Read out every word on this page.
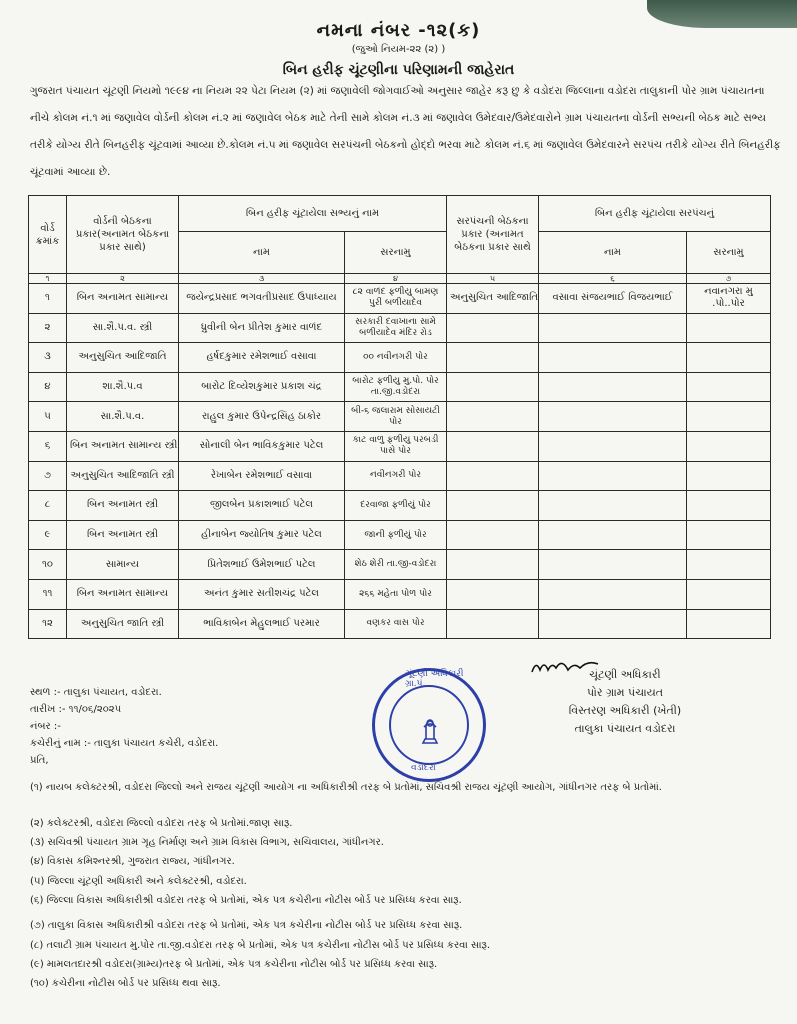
નમના નંબર -૧૨(ક)
(જુઓ નિયમ-૨૨ (૨) )
બિન હરીફ ચૂંટણીના પરિણામની જાહેરાત
ગુજરાત પંચાયત ચૂંટણી નિયમો ૧૯૯૪ ના નિયમ ૨૨ પેટા નિયમ (૨) માં જણાવેલી જોગવાઈઓ અનુસાર જાહેર કરૂ છુ કે વડોદરા જિલ્લાના વડોદરા તાલુકાની પોર ગ્રામ પંચાયતના
નીચે કોલમ નં.૧ માં જણાવેલ વોર્ડની કોલમ નં.૨ માં જણાવેલ બેઠક માટે તેની સામે કોલમ નં.૩ માં જણાવેલ ઉમેદવાર/ઉમેદવારોને ગ્રામ પંચાયતના વોર્ડની સભ્યની બેઠક માટે સભ્ય
તરીકે યોગ્ય રીતે બિનહરીફ ચૂંટવામાં આવ્યા છે.કોલમ નં.૫ માં જણાવેલ સરપંચની બેઠકનો હોદ્દો ભરવા માટે કોલમ નં.૬ માં જણાવેલ ઉમેદવારને સરપંચ તરીકે યોગ્ય રીતે બિનહરીફ
ચૂંટવામાં આવ્યા છે.
વોર્ડ ક્રમાંક	વોર્ડની બેઠકના પ્રકાર(અનામત બેઠકના પ્રકાર સાથે)	બિન હરીફ ચૂંટાયેલા સભ્યનું નામ		સરપંચની બેઠકના પ્રકાર (અનામત બેઠકના પ્રકાર સાથે	બિન હરીફ ચૂંટાયેલા સરપંચનું	
		નામ	સરનામુ		નામ	સરનામુ
૧	૨	૩	૪	૫	૬	૭
૧	બિન અનામત સામાન્ય	જયેન્દ્રપ્રસાદ ભગવતીપ્રસાદ ઉપાધ્યાય	૮૨ વાળંદ ફળીયુ બામણ પુરી બળીયાદેવ	અનુસુચિત આદિજાતિ	વસાવા સંજયભાઈ વિજયભાઈ	નવાનગરા મુ .પો..પોર
૨	સા.શૈ.પ.વ. સ્ત્રી	ધ્રુવીની બેન પ્રીતેશ કુમાર વાળંદ	સરકારી દવાખાના સામે બળીયાદેવ મંદિર રોડ			
૩	અનુસુચિત આદિજાતિ	હર્ષદકુમાર રમેશભાઈ વસાવા	૦૦ નવીનગરી પોર			
૪	શા.શૈ.પ.વ	બારોટ દિવ્યેશકુમાર પ્રકાશ ચંદ્ર	બારોટ ફળીયુ મુ.પો. પોર તા.જી.વડોદરા			
૫	સા.શૈ.પ.વ.	રાહુલ કુમાર ઉપેન્દ્રસિંહ ઠાકોર	બી-૬ જલારામ સોસાયટી પોર			
૬	બિન અનામત સામાન્ય સ્ત્રી	સોનાલી બેન ભાવિકકુમાર પટેલ	કાટ વાળુ ફળીયુ પરબડી પાસે પોર			
૭	અનુસુચિત આદિજાતિ સ્ત્રી	રેખાબેન રમેશભાઈ વસાવા	નવીનગરી પોર			
૮	બિન અનામત સ્ત્રી	જીલબેન પ્રકાશભાઈ પટેલ	દરવાજા ફળીયું પોર			
૯	બિન અનામત સ્ત્રી	હીનાબેન જ્યોતિષ કુમાર પટેલ	જાની ફળીયું પોર			
૧૦	સામાન્ય	પ્રિતેશભાઈ ઉમેશભાઈ પટેલ	શેઠ શેરી તા.જી-વડોદરા			
૧૧	બિન અનામત સામાન્ય	અનંત કુમાર સતીશચંદ્ર પટેલ	૨૬૬ મહેતા પોળ પોર			
૧૨	અનુસુચિત જાતિ સ્ત્રી	ભાવિકાબેન મેહુલભાઈ પરમાર	વણકર વાસ પોર			
સ્થળ :- તાલુકા પંચાયત, વડોદરા.
તારીખ :- ૧૧/૦૬/૨૦૨૫
નંબર :-
કચેરીનું નામ :- તાલુકા પંચાયત કચેરી, વડોદરા.
પ્રતિ,
ચૂંટણી અધિકારી ગ્રા.પં.
વડોદરા
ચૂંટણી અધિકારી
પોર ગ્રામ પંચાયત
વિસ્તરણ અધિકારી (ખેતી)
તાલુકા પંચાયત વડોદરા
(૧) નાયબ કલેક્ટરશ્રી, વડોદરા જિલ્લો અને રાજય ચૂંટણી આયોગ ના અધિકારીશ્રી તરફ બે પ્રતોમાં, સચિવશ્રી રાજય ચૂંટણી આયોગ, ગાંધીનગર તરફ બે પ્રતોમાં.
(૨) કલેક્ટરશ્રી, વડોદરા જિલ્લો વડોદરા તરફ બે પ્રતોમાં.જાણ સારૂ.
(૩) સચિવશ્રી પંચાયત ગ્રામ ગૃહ નિર્માણ અને ગ્રામ વિકાસ વિભાગ, સચિવાલય, ગાંધીનગર.
(૪) વિકાસ કમિશ્નરશ્રી, ગુજરાત રાજ્ય, ગાંધીનગર.
(૫) જિલ્લા ચૂંટણી અધિકારી અને કલેક્ટરશ્રી, વડોદરા.
(૬) જિલ્લા વિકાસ અધિકારીશ્રી વડોદરા તરફ બે પ્રતોમાં, એક પત્ર કચેરીના નોટીસ બોર્ડ પર પ્રસિધ્ધ કરવા સારૂ.
(૭) તાલુકા વિકાસ અધિકારીશ્રી વડોદરા તરફ બે પ્રતોમાં, એક પત્ર કચેરીના નોટીસ બોર્ડ પર પ્રસિધ્ધ કરવા સારૂ.
(૮) તલાટી ગ્રામ પંચાયત મુ.પોર તા.જી.વડોદરા તરફ બે પ્રતોમાં, એક પત્ર કચેરીના નોટીસ બોર્ડ પર પ્રસિધ્ધ કરવા સારૂ.
(૯) મામલતદારશ્રી વડોદરા(ગ્રામ્ય)તરફ બે પ્રતોમાં, એક પત્ર કચેરીના નોટીસ બોર્ડ પર પ્રસિધ્ધ કરવા સારૂ.
(૧૦) કચેરીના નોટીસ બોર્ડ પર પ્રસિધ્ધ થવા સારૂ.
